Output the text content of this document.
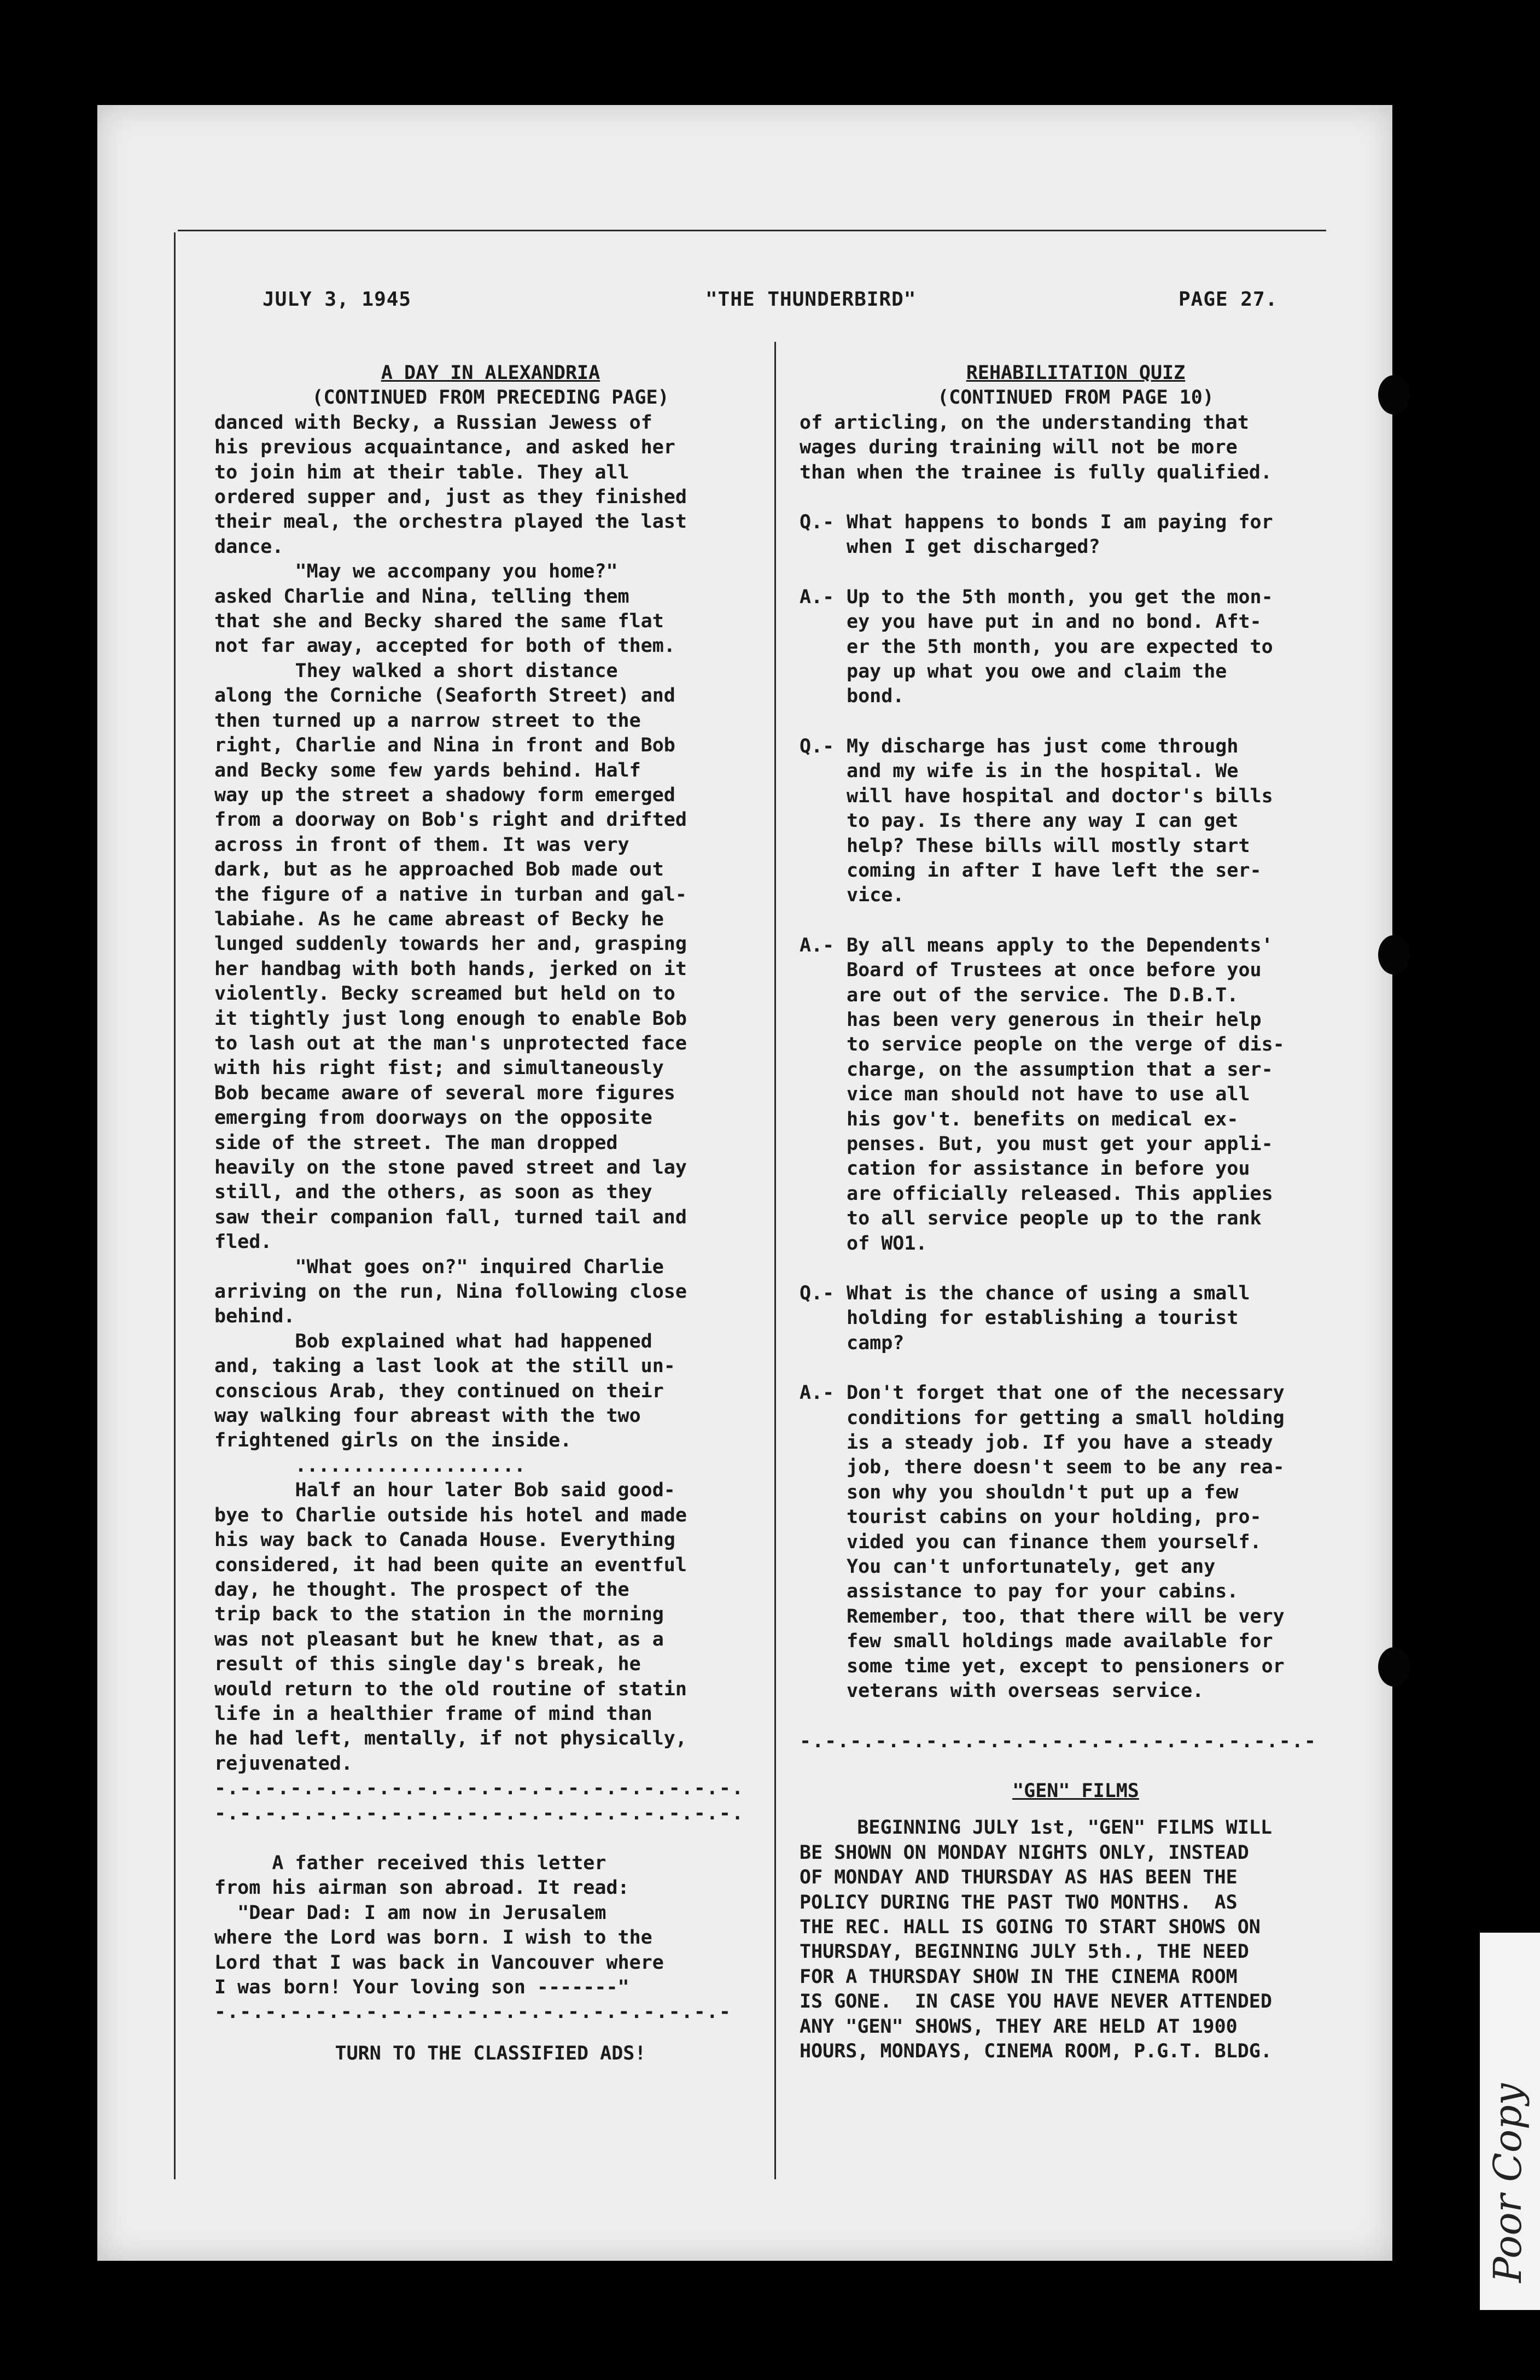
Poor Copy
JULY 3, 1945	"THE THUNDERBIRD"	PAGE 27.
A DAY IN ALEXANDRIA
(CONTINUED FROM PRECEDING PAGE)
danced with Becky, a Russian Jewess of
his previous acquaintance, and asked her
to join him at their table. They all
ordered supper and, just as they finished
their meal, the orchestra played the last
dance.
"May we accompany you home?"
asked Charlie and Nina, telling them
that she and Becky shared the same flat
not far away, accepted for both of them.
They walked a short distance
along the Corniche (Seaforth Street) and
then turned up a narrow street to the
right, Charlie and Nina in front and Bob
and Becky some few yards behind. Half
way up the street a shadowy form emerged
from a doorway on Bob's right and drifted
across in front of them. It was very
dark, but as he approached Bob made out
the figure of a native in turban and gal-
labiahe. As he came abreast of Becky he
lunged suddenly towards her and, grasping
her handbag with both hands, jerked on it
violently. Becky screamed but held on to
it tightly just long enough to enable Bob
to lash out at the man's unprotected face
with his right fist; and simultaneously
Bob became aware of several more figures
emerging from doorways on the opposite
side of the street. The man dropped
heavily on the stone paved street and lay
still, and the others, as soon as they
saw their companion fall, turned tail and
fled.
"What goes on?" inquired Charlie
arriving on the run, Nina following close
behind.
Bob explained what had happened
and, taking a last look at the still un-
conscious Arab, they continued on their
way walking four abreast with the two
frightened girls on the inside.
....................
Half an hour later Bob said good-
bye to Charlie outside his hotel and made
his way back to Canada House. Everything
considered, it had been quite an eventful
day, he thought. The prospect of the
trip back to the station in the morning
was not pleasant but he knew that, as a
result of this single day's break, he
would return to the old routine of statin
life in a healthier frame of mind than
he had left, mentally, if not physically,
rejuvenated.
-.-.-.-.-.-.-.-.-.-.-.-.-.-.-.-.-.-.-.-.-.
-.-.-.-.-.-.-.-.-.-.-.-.-.-.-.-.-.-.-.-.-.
A father received this letter
from his airman son abroad. It read:
"Dear Dad: I am now in Jerusalem
where the Lord was born. I wish to the
Lord that I was back in Vancouver where
I was born! Your loving son -------"
-.-.-.-.-.-.-.-.-.-.-.-.-.-.-.-.-.-.-.-.-
TURN TO THE CLASSIFIED ADS!
REHABILITATION QUIZ
(CONTINUED FROM PAGE 10)
of articling, on the understanding that
wages during training will not be more
than when the trainee is fully qualified.
Q.- What happens to bonds I am paying for
when I get discharged?
A.- Up to the 5th month, you get the mon-
ey you have put in and no bond. Aft-
er the 5th month, you are expected to
pay up what you owe and claim the
bond.
Q.- My discharge has just come through
and my wife is in the hospital. We
will have hospital and doctor's bills
to pay. Is there any way I can get
help? These bills will mostly start
coming in after I have left the ser-
vice.
A.- By all means apply to the Dependents'
Board of Trustees at once before you
are out of the service. The D.B.T.
has been very generous in their help
to service people on the verge of dis-
charge, on the assumption that a ser-
vice man should not have to use all
his gov't. benefits on medical ex-
penses. But, you must get your appli-
cation for assistance in before you
are officially released. This applies
to all service people up to the rank
of WO1.
Q.- What is the chance of using a small
holding for establishing a tourist
camp?
A.- Don't forget that one of the necessary
conditions for getting a small holding
is a steady job. If you have a steady
job, there doesn't seem to be any rea-
son why you shouldn't put up a few
tourist cabins on your holding, pro-
vided you can finance them yourself.
You can't unfortunately, get any
assistance to pay for your cabins.
Remember, too, that there will be very
few small holdings made available for
some time yet, except to pensioners or
veterans with overseas service.
-.-.-.-.-.-.-.-.-.-.-.-.-.-.-.-.-.-.-.-.-
"GEN" FILMS
BEGINNING JULY 1st, "GEN" FILMS WILL
BE SHOWN ON MONDAY NIGHTS ONLY, INSTEAD
OF MONDAY AND THURSDAY AS HAS BEEN THE
POLICY DURING THE PAST TWO MONTHS.  AS
THE REC. HALL IS GOING TO START SHOWS ON
THURSDAY, BEGINNING JULY 5th., THE NEED
FOR A THURSDAY SHOW IN THE CINEMA ROOM
IS GONE.  IN CASE YOU HAVE NEVER ATTENDED
ANY "GEN" SHOWS, THEY ARE HELD AT 1900
HOURS, MONDAYS, CINEMA ROOM, P.G.T. BLDG.
